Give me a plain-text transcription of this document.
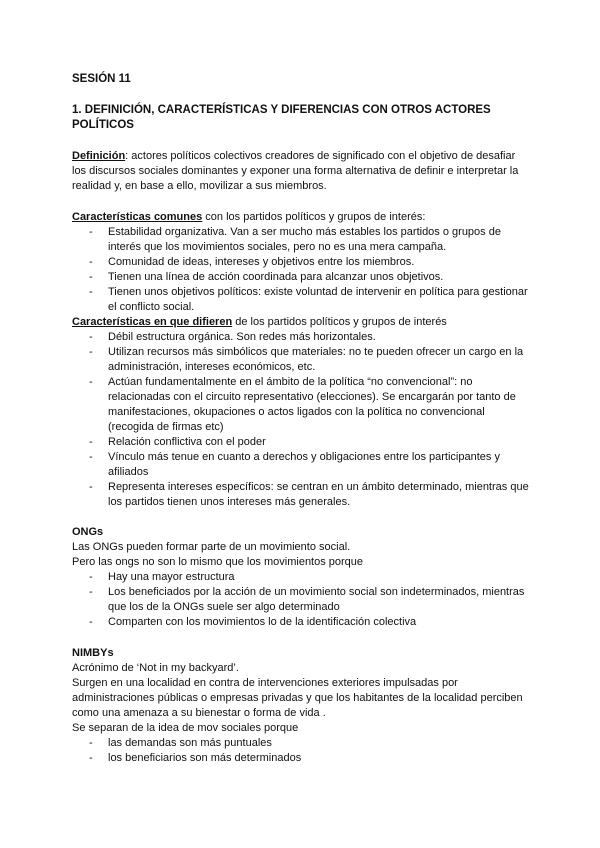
SESIÓN 11
1. DEFINICIÓN, CARACTERÍSTICAS Y DIFERENCIAS CON OTROS ACTORES POLÍTICOS

Definición: actores políticos colectivos creadores de significado con el objetivo de desafiar los discursos sociales dominantes y exponer una forma alternativa de definir e interpretar la realidad y, en base a ello, movilizar a sus miembros.

Características comunes con los partidos políticos y grupos de interés:

- Estabilidad organizativa. Van a ser mucho más estables los partidos o grupos de interés que los movimientos sociales, pero no es una mera campaña.
- Comunidad de ideas, intereses y objetivos entre los miembros.
- Tienen una línea de acción coordinada para alcanzar unos objetivos.
- Tienen unos objetivos políticos: existe voluntad de intervenir en política para gestionar el conflicto social.

Características en que difieren de los partidos políticos y grupos de interés

- Débil estructura orgánica. Son redes más horizontales.
- Utilizan recursos más simbólicos que materiales: no te pueden ofrecer un cargo en la administración, intereses económicos, etc.
- Actúan fundamentalmente en el ámbito de la política “no convencional”: no relacionadas con el circuito representativo (elecciones). Se encargarán por tanto de manifestaciones, okupaciones o actos ligados con la política no convencional (recogida de firmas etc)
- Relación conflictiva con el poder
- Vínculo más tenue en cuanto a derechos y obligaciones entre los participantes y afiliados
- Representa intereses específicos: se centran en un ámbito determinado, mientras que los partidos tienen unos intereses más generales.

ONGs

Las ONGs pueden formar parte de un movimiento social.

Pero las ongs no son lo mismo que los movimientos porque

- Hay una mayor estructura
- Los beneficiados por la acción de un movimiento social son indeterminados, mientras que los de la ONGs suele ser algo determinado
- Comparten con los movimientos lo de la identificación colectiva

NIMBYs

Acrónimo de ‘Not in my backyard’.

Surgen en una localidad en contra de intervenciones exteriores impulsadas por administraciones públicas o empresas privadas y que los habitantes de la localidad perciben como una amenaza a su bienestar o forma de vida .

Se separan de la idea de mov sociales porque

- las demandas son más puntuales
- los beneficiarios son más determinados
